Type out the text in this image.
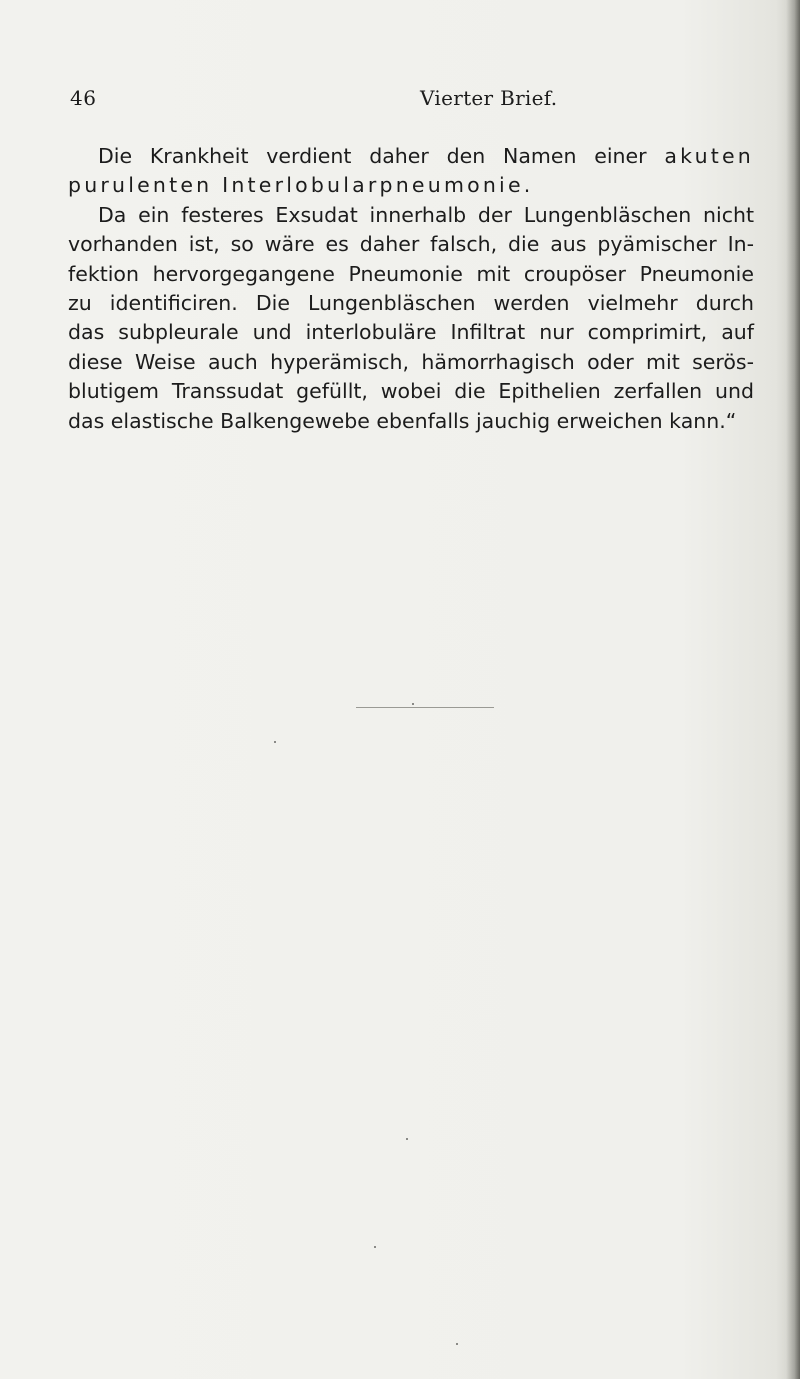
46	Vierter Brief.
Die Krankheit verdient daher den Namen einer akuten
purulenten Interlobularpneumonie.
Da ein festeres Exsudat innerhalb der Lungenbläschen nicht
vorhanden ist, so wäre es daher falsch, die aus pyämischer In-
fektion hervorgegangene Pneumonie mit croupöser Pneumonie
zu identificiren. Die Lungenbläschen werden vielmehr durch
das subpleurale und interlobuläre Infiltrat nur comprimirt, auf
diese Weise auch hyperämisch, hämorrhagisch oder mit serös-
blutigem Transsudat gefüllt, wobei die Epithelien zerfallen und
das elastische Balkengewebe ebenfalls jauchig erweichen kann.“
